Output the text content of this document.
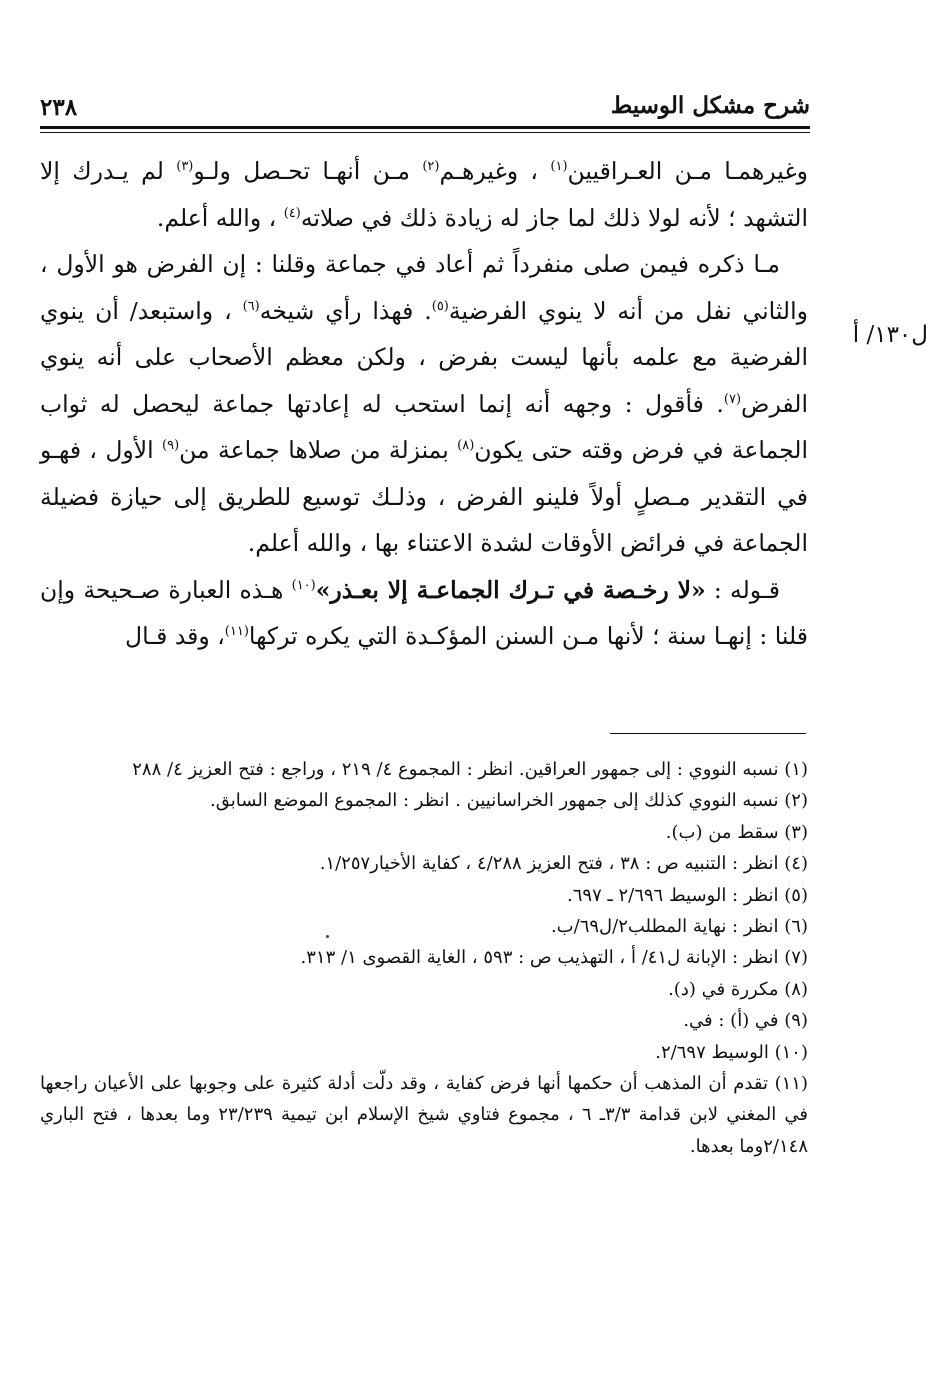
٢٣٨	شرح مشكل الوسيط
ل١٣٠/ أ

وغيرهمـا مـن العـراقيين$^{(١)}$ ، وغيرهـم$^{(٢)}$ مـن أنهـا تحـصل ولـو$^{(٣)}$ لم يـدرك إلا التشهد ؛ لأنه لولا ذلك لما جاز له زيادة ذلك في صلاته$^{(٤)}$ ، والله أعلم.

مـا ذكره فيمن صلى منفرداً ثم أعاد في جماعة وقلنا : إن الفرض هو الأول ، والثاني نفل من أنه لا ينوي الفرضية$^{(٥)}$. فهذا رأي شيخه$^{(٦)}$ ، واستبعد/ أن ينوي الفرضية مع علمه بأنها ليست بفرض ، ولكن معظم الأصحاب على أنه ينوي الفرض$^{(٧)}$. فأقول : وجهه أنه إنما استحب له إعادتها جماعة ليحصل له ثواب الجماعة في فرض وقته حتى يكون$^{(٨)}$ بمنزلة من صلاها جماعة من$^{(٩)}$ الأول ، فهـو في التقدير مـصلٍ أولاً فلينو الفرض ، وذلـك توسيع للطريق إلى حيازة فضيلة الجماعة في فرائض الأوقات لشدة الاعتناء بها ، والله أعلم.

قـوله : «لا رخـصة في تـرك الجماعـة إلا بعـذر»$^{(١٠)}$ هـذه العبارة صـحيحة وإن قلنا : إنهـا سنة ؛ لأنها مـن السنن المؤكـدة التي يكره تركها$^{(١١)}$، وقد قـال

(١) نسبه النووي : إلى جمهور العراقين. انظر : المجموع ٤/ ٢١٩ ، وراجع : فتح العزيز ٤/ ٢٨٨

(٢) نسبه النووي كذلك إلى جمهور الخراسانيين . انظر : المجموع الموضع السابق.

(٣) سقط من (ب).

(٤) انظر : التنبيه ص : ٣٨ ، فتح العزيز ٤/٢٨٨ ، كفاية الأخيار١/٢٥٧.

(٥) انظر : الوسيط ٢/٦٩٦ ـ ٦٩٧.

(٦) انظر : نهاية المطلب٢/ل٦٩/ب.

(٧) انظر : الإبانة ل٤١/ أ ، التهذيب ص : ٥٩٣ ، الغاية القصوى ١/ ٣١٣.

(٨) مكررة في (د).

(٩) في (أ) : في.

(١٠) الوسيط ٢/٦٩٧.

(١١) تقدم أن المذهب أن حكمها أنها فرض كفاية ، وقد دلّت أدلة كثيرة على وجوبها على الأعيان راجعها في المغني لابن قدامة ٣/٣ـ ٦ ، مجموع فتاوي شيخ الإسلام ابن تيمية ٢٣/٢٣٩ وما بعدها ، فتح الباري ٢/١٤٨وما بعدها.
